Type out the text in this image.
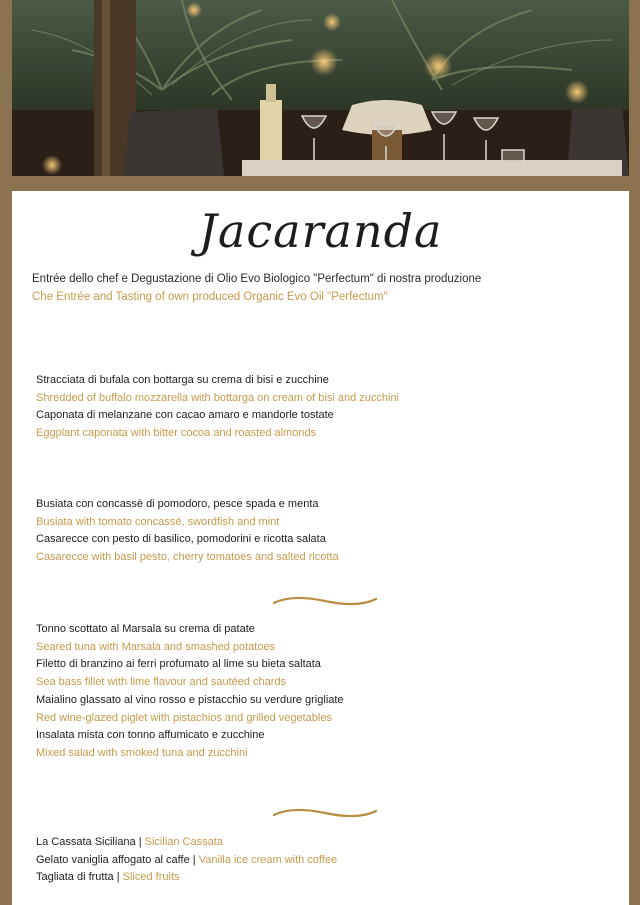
Jacaranda

Entrée dello chef e Degustazione di Olio Evo Biologico "Perfectum" di nostra produzione

Che Entrée and Tasting of own produced Organic Evo Oil "Perfectum"

Stracciata di bufala con bottarga su crema di bisi e zucchine

Shredded of buffalo mozzarella with bottarga on cream of bisi and zucchini

Caponata di melanzane con cacao amaro e mandorle tostate

Eggplant caponata with bitter cocoa and roasted almonds

Busiata con concassè di pomodoro, pesce spada e menta

Busiata with tomato concassé, swordfish and mint

Casarecce con pesto di basilico, pomodorini e ricotta salata

Casarecce with basil pesto, cherry tomatoes and salted ricotta

Tonno scottato al Marsala su crema di patate

Seared tuna with Marsala and smashed potatoes

Filetto di branzino ai ferri profumato al lime su bieta saltata

Sea bass fillet with lime flavour and sautéed chards

Maialino glassato al vino rosso e pistacchio su verdure grigliate

Red wine-glazed piglet with pistachios and grilled vegetables

Insalata mista con tonno affumicato e zucchine

Mixed salad with smoked tuna and zucchini

La Cassata Siciliana | Sicilian Cassata

Gelato vaniglia affogato al caffe | Vanilla ice cream with coffee

Tagliata di frutta | Sliced fruits
